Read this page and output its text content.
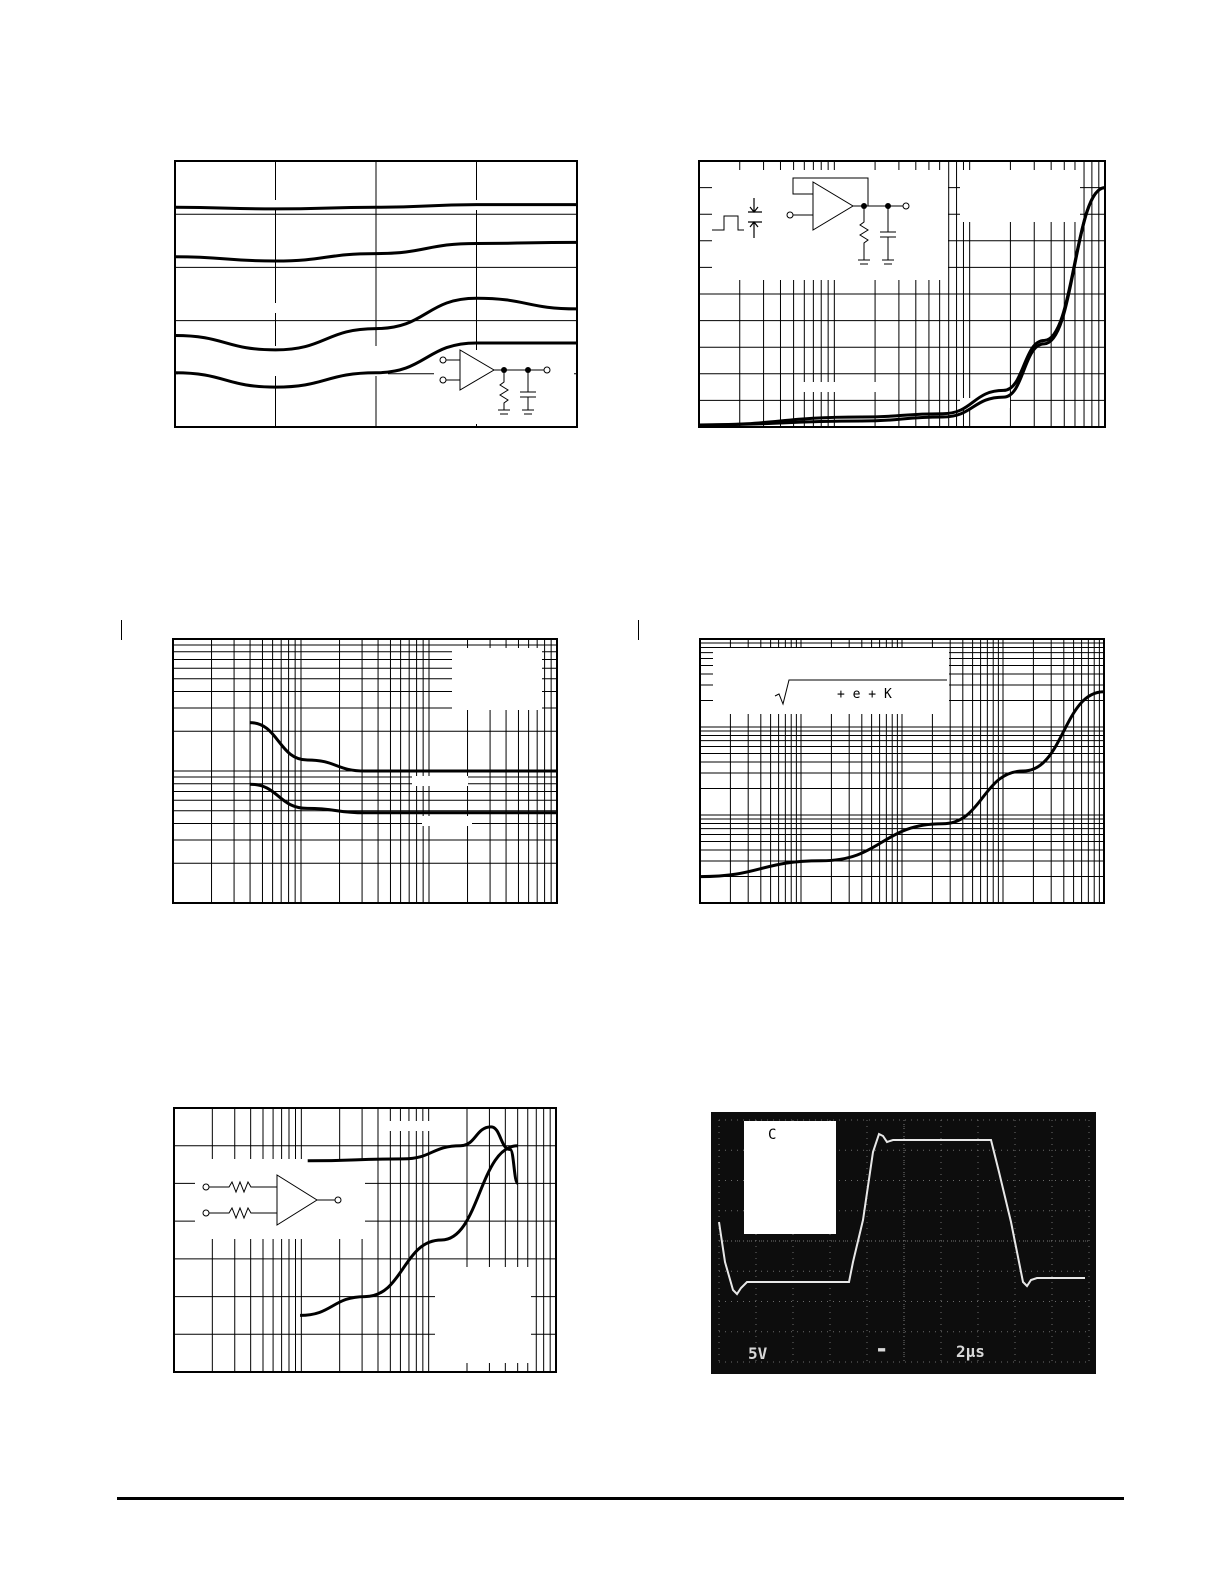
+ e + K
C
5V	▬	2µs
